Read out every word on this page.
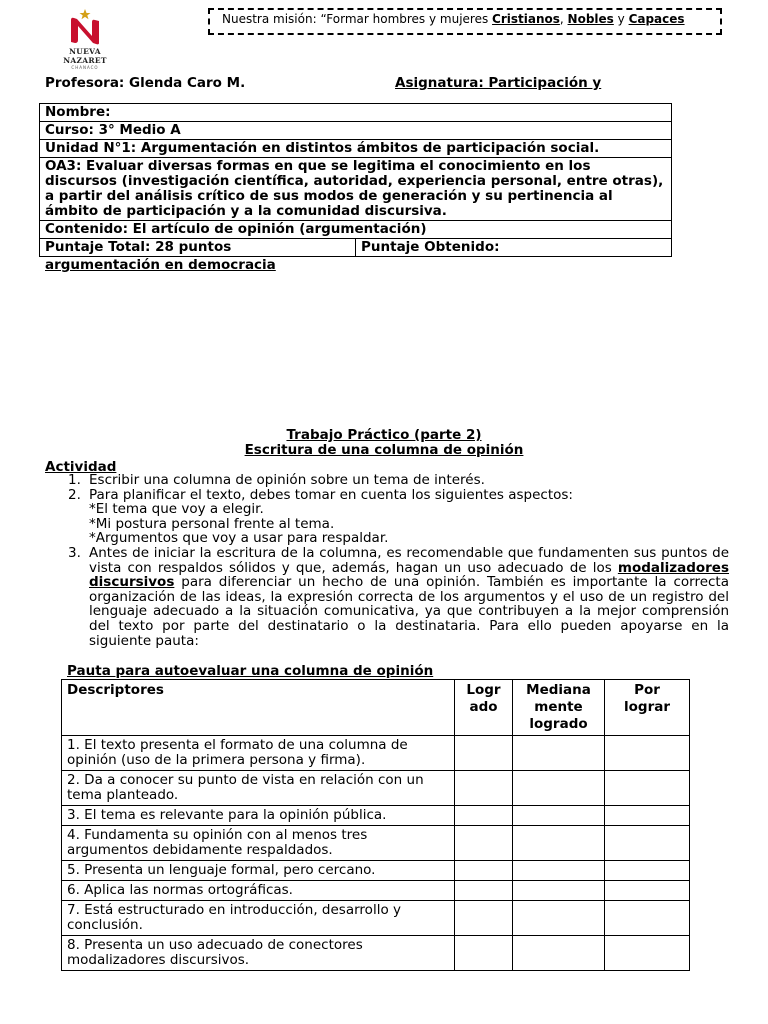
NUEVA NAZARET
CHANACO
Nuestra misión: “Formar hombres y mujeres Cristianos, Nobles y Capaces
Profesora: Glenda Caro M.	Asignatura: Participación y
Nombre:
Curso: 3° Medio A
Unidad N°1: Argumentación en distintos ámbitos de participación social.
OA3: Evaluar diversas formas en que se legitima el conocimiento en los discursos (investigación científica, autoridad, experiencia personal, entre otras), a partir del análisis crítico de sus modos de generación y su pertinencia al ámbito de participación y a la comunidad discursiva.
Contenido: El artículo de opinión (argumentación)
Puntaje Total: 28 puntos	Puntaje Obtenido:
argumentación en democracia
Trabajo Práctico (parte 2)
Escritura de una columna de opinión
Actividad
1. Escribir una columna de opinión sobre un tema de interés.
2. Para planificar el texto, debes tomar en cuenta los siguientes aspectos:
*El tema que voy a elegir.
*Mi postura personal frente al tema.
*Argumentos que voy a usar para respaldar.
3. Antes de iniciar la escritura de la columna, es recomendable que fundamenten sus puntos de vista con respaldos sólidos y que, además, hagan un uso adecuado de los modalizadores discursivos para diferenciar un hecho de una opinión. También es importante la correcta organización de las ideas, la expresión correcta de los argumentos y el uso de un registro del lenguaje adecuado a la situación comunicativa, ya que contribuyen a la mejor comprensión del texto por parte del destinatario o la destinataria. Para ello pueden apoyarse en la siguiente pauta:
Pauta para autoevaluar una columna de opinión
Descriptores	Logr ado	Mediana mente logrado	Por lograr
1. El texto presenta el formato de una columna de opinión (uso de la primera persona y firma).			
2. Da a conocer su punto de vista en relación con un tema planteado.			
3. El tema es relevante para la opinión pública.			
4. Fundamenta su opinión con al menos tres argumentos debidamente respaldados.			
5. Presenta un lenguaje formal, pero cercano.			
6. Aplica las normas ortográficas.			
7. Está estructurado en introducción, desarrollo y conclusión.			
8. Presenta un uso adecuado de conectores modalizadores discursivos.			
